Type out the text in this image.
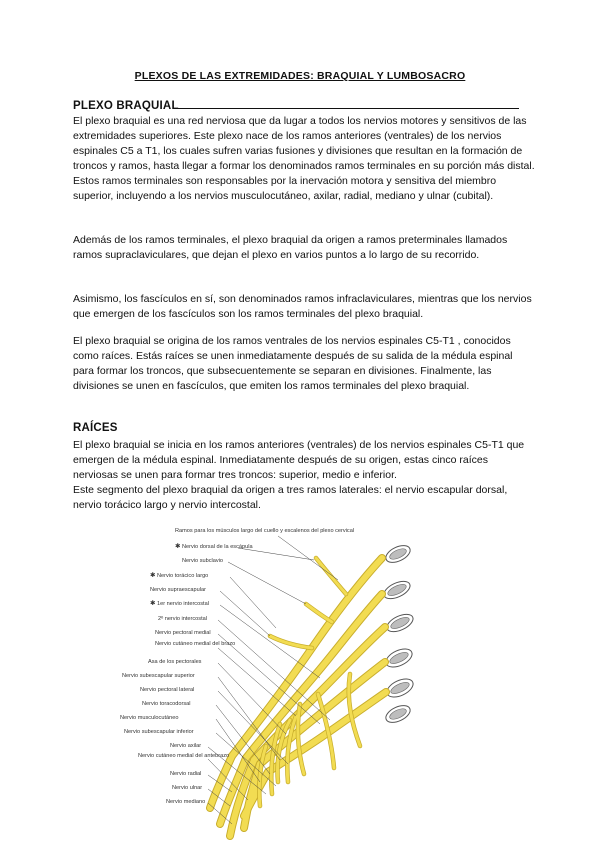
PLEXOS DE LAS EXTREMIDADES: BRAQUIAL Y LUMBOSACRO
PLEXO BRAQUIAL

El plexo braquial es una red nerviosa que da lugar a todos los nervios motores y sensitivos de las extremidades superiores. Este plexo nace de los ramos anteriores (ventrales) de los nervios espinales C5 a T1, los cuales sufren varias fusiones y divisiones que resultan en la formación de troncos y ramos, hasta llegar a formar los denominados ramos terminales en su porción más distal. Estos ramos terminales son responsables por la inervación motora y sensitiva del miembro superior, incluyendo a los nervios musculocutáneo, axilar, radial, mediano y ulnar (cubital).

Además de los ramos terminales, el plexo braquial da origen a ramos preterminales llamados ramos supraclaviculares, que dejan el plexo en varios puntos a lo largo de su recorrido.

Asimismo, los fascículos en sí, son denominados ramos infraclaviculares, mientras que los nervios que emergen de los fascículos son los ramos terminales del plexo braquial.

El plexo braquial se origina de los ramos ventrales de los nervios espinales C5-T1 , conocidos como raíces. Estás raíces se unen inmediatamente después de su salida de la médula espinal para formar los troncos, que subsecuentemente se separan en divisiones. Finalmente, las divisiones se unen en fascículos, que emiten los ramos terminales del plexo braquial.

RAÍCES

El plexo braquial se inicia en los ramos anteriores (ventrales) de los nervios espinales C5-T1 que emergen de la médula espinal. Inmediatamente después de su origen, estas cinco raíces nerviosas se unen para formar tres troncos: superior, medio e inferior.
Este segmento del plexo braquial da origen a tres ramos laterales: el nervio escapular dorsal, nervio torácico largo y nervio intercostal.

Ramos para los músculos largo del cuello y escalenos del plexo cervical
✱ Nervio dorsal de la escápula
Nervio subclavio
✱ Nervio torácico largo
Nervio supraescapular
✱ 1er nervio intercostal
2º nervio intercostal
Nervio pectoral medial
Nervio cutáneo medial del brazo
Asa de los pectorales
Nervio subescapular superior
Nervio pectoral lateral
Nervio toracodorsal
Nervio musculocutáneo
Nervio subescapular inferior
Nervio axilar
Nervio cutáneo medial del antebrazo
Nervio radial
Nervio ulnar
Nervio mediano
